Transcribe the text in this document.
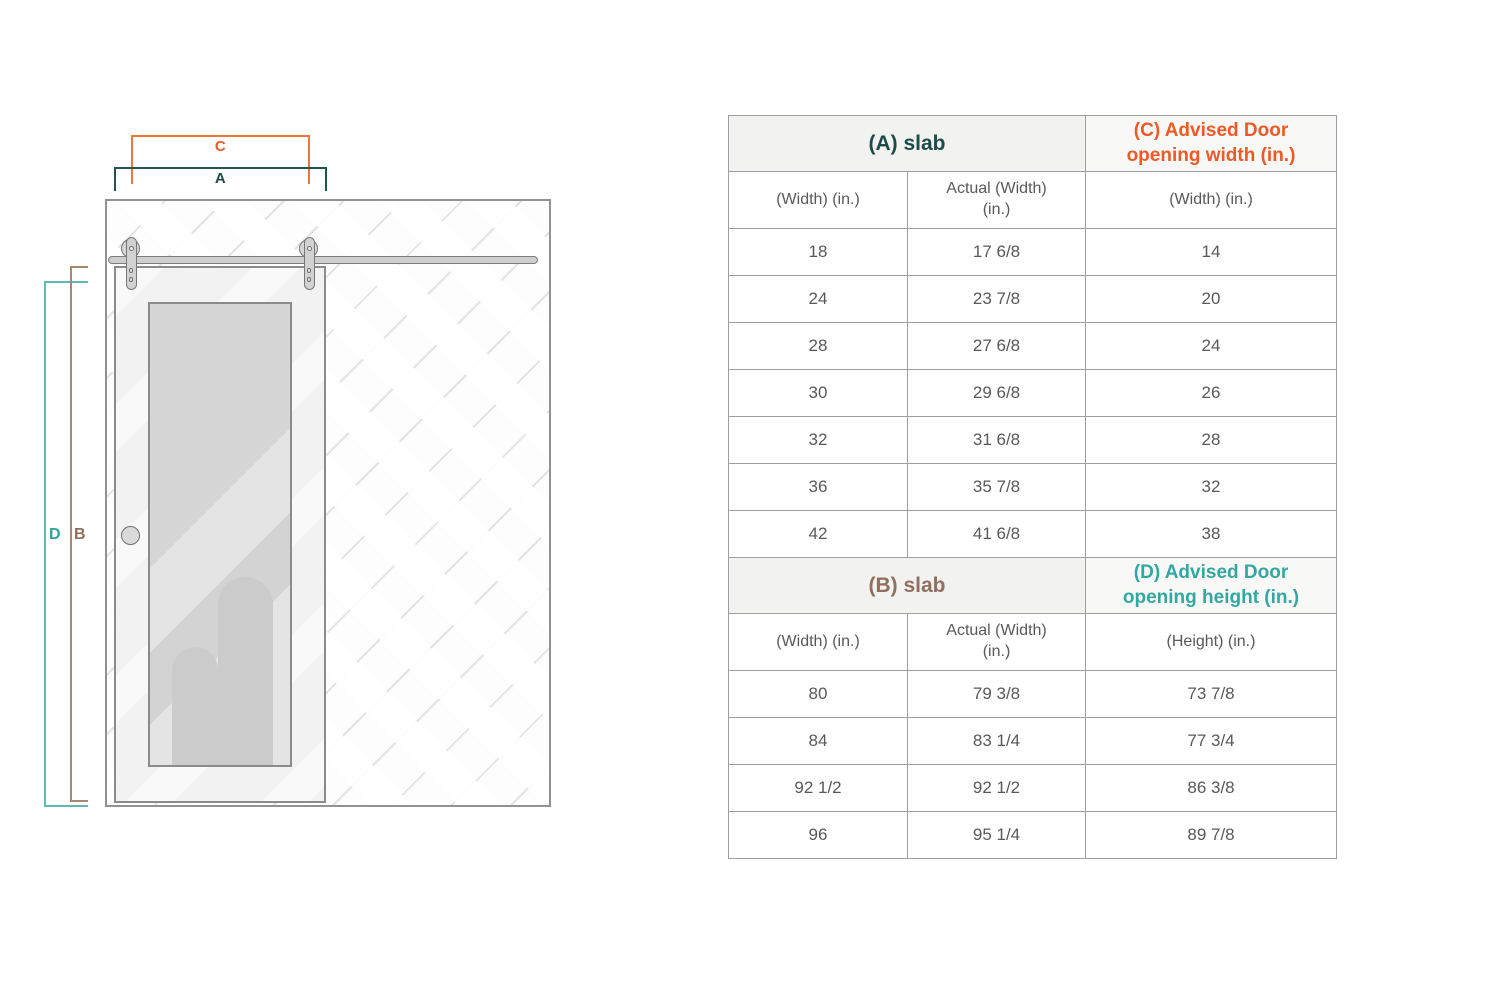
C
A
D B
(A) slab		(C) Advised Door opening width (in.)
(Width) (in.)	Actual (Width) (in.)	(Width) (in.)
18	17 6/8	14
24	23 7/8	20
28	27 6/8	24
30	29 6/8	26
32	31 6/8	28
36	35 7/8	32
42	41 6/8	38
(B) slab		(D) Advised Door opening height (in.)
(Width) (in.)	Actual (Width) (in.)	(Height) (in.)
80	79 3/8	73 7/8
84	83 1/4	77 3/4
92 1/2	92 1/2	86 3/8
96	95 1/4	89 7/8
